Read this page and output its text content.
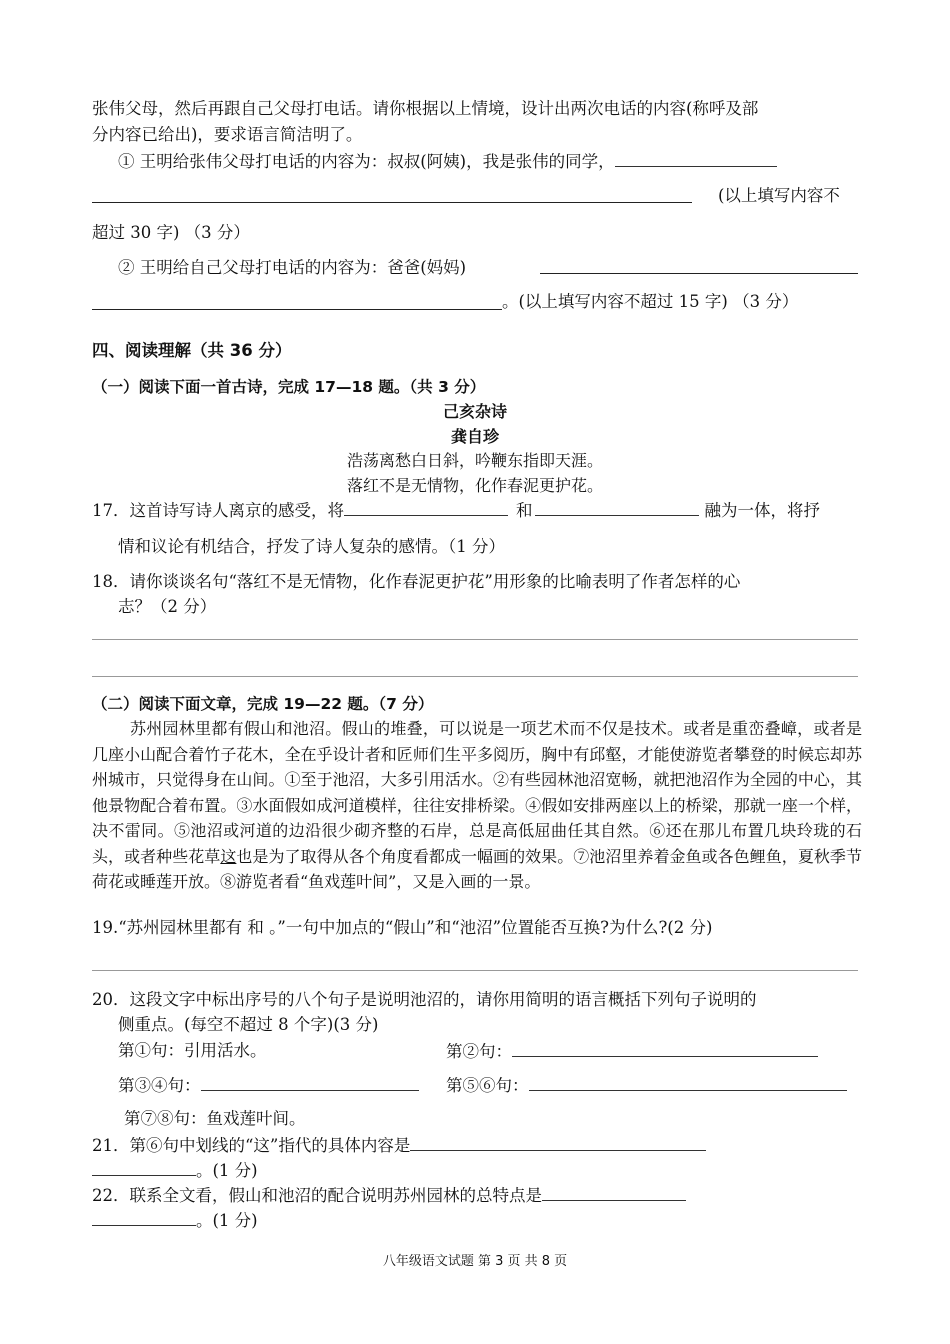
张伟父母，然后再跟自己父母打电话。请你根据以上情境，设计出两次电话的内容(称呼及部
分内容已给出)，要求语言简洁明了。
① 王明给张伟父母打电话的内容为：叔叔(阿姨)，我是张伟的同学，
(以上填写内容不
超过 30 字) （3 分）
② 王明给自己父母打电话的内容为：爸爸(妈妈)
。(以上填写内容不超过 15 字) （3 分）
四、阅读理解（共 36 分）
（一）阅读下面一首古诗，完成 17—18 题。（共 3 分）
己亥杂诗
龚自珍
浩荡离愁白日斜，吟鞭东指即天涯。
落红不是无情物，化作春泥更护花。
17．这首诗写诗人离京的感受，将	和	融为一体，将抒
情和议论有机结合，抒发了诗人复杂的感情。（1 分）
18．请你谈谈名句“落红不是无情物，化作春泥更护花”用形象的比喻表明了作者怎样的心
志？（2 分）
（二）阅读下面文章，完成 19—22 题。（7 分）
苏州园林里都有假山和池沼。假山的堆叠，可以说是一项艺术而不仅是技术。或者是重峦叠嶂，或者是几座小山配合着竹子花木，全在乎设计者和匠师们生平多阅历，胸中有邱壑，才能使游览者攀登的时候忘却苏州城市，只觉得身在山间。①至于池沼，大多引用活水。②有些园林池沼宽畅，就把池沼作为全园的中心，其他景物配合着布置。③水面假如成河道模样，往往安排桥梁。④假如安排两座以上的桥梁，那就一座一个样，决不雷同。⑤池沼或河道的边沿很少砌齐整的石岸，总是高低屈曲任其自然。⑥还在那儿布置几块玲珑的石头，或者种些花草这也是为了取得从各个角度看都成一幅画的效果。⑦池沼里养着金鱼或各色鲤鱼，夏秋季节荷花或睡莲开放。⑧游览者看“鱼戏莲叶间”，又是入画的一景。
19.“苏州园林里都有 和 。”一句中加点的“假山”和“池沼”位置能否互换?为什么?(2 分)
20．这段文字中标出序号的八个句子是说明池沼的，请你用简明的语言概括下列句子说明的
侧重点。(每空不超过 8 个字)(3 分)
第①句：引用活水。	第②句：
第③④句：	第⑤⑥句：
第⑦⑧句：鱼戏莲叶间。
21．第⑥句中划线的“这”指代的具体内容是
。(1 分)
22．联系全文看，假山和池沼的配合说明苏州园林的总特点是
。(1 分)
八年级语文试题 第 3 页 共 8 页
